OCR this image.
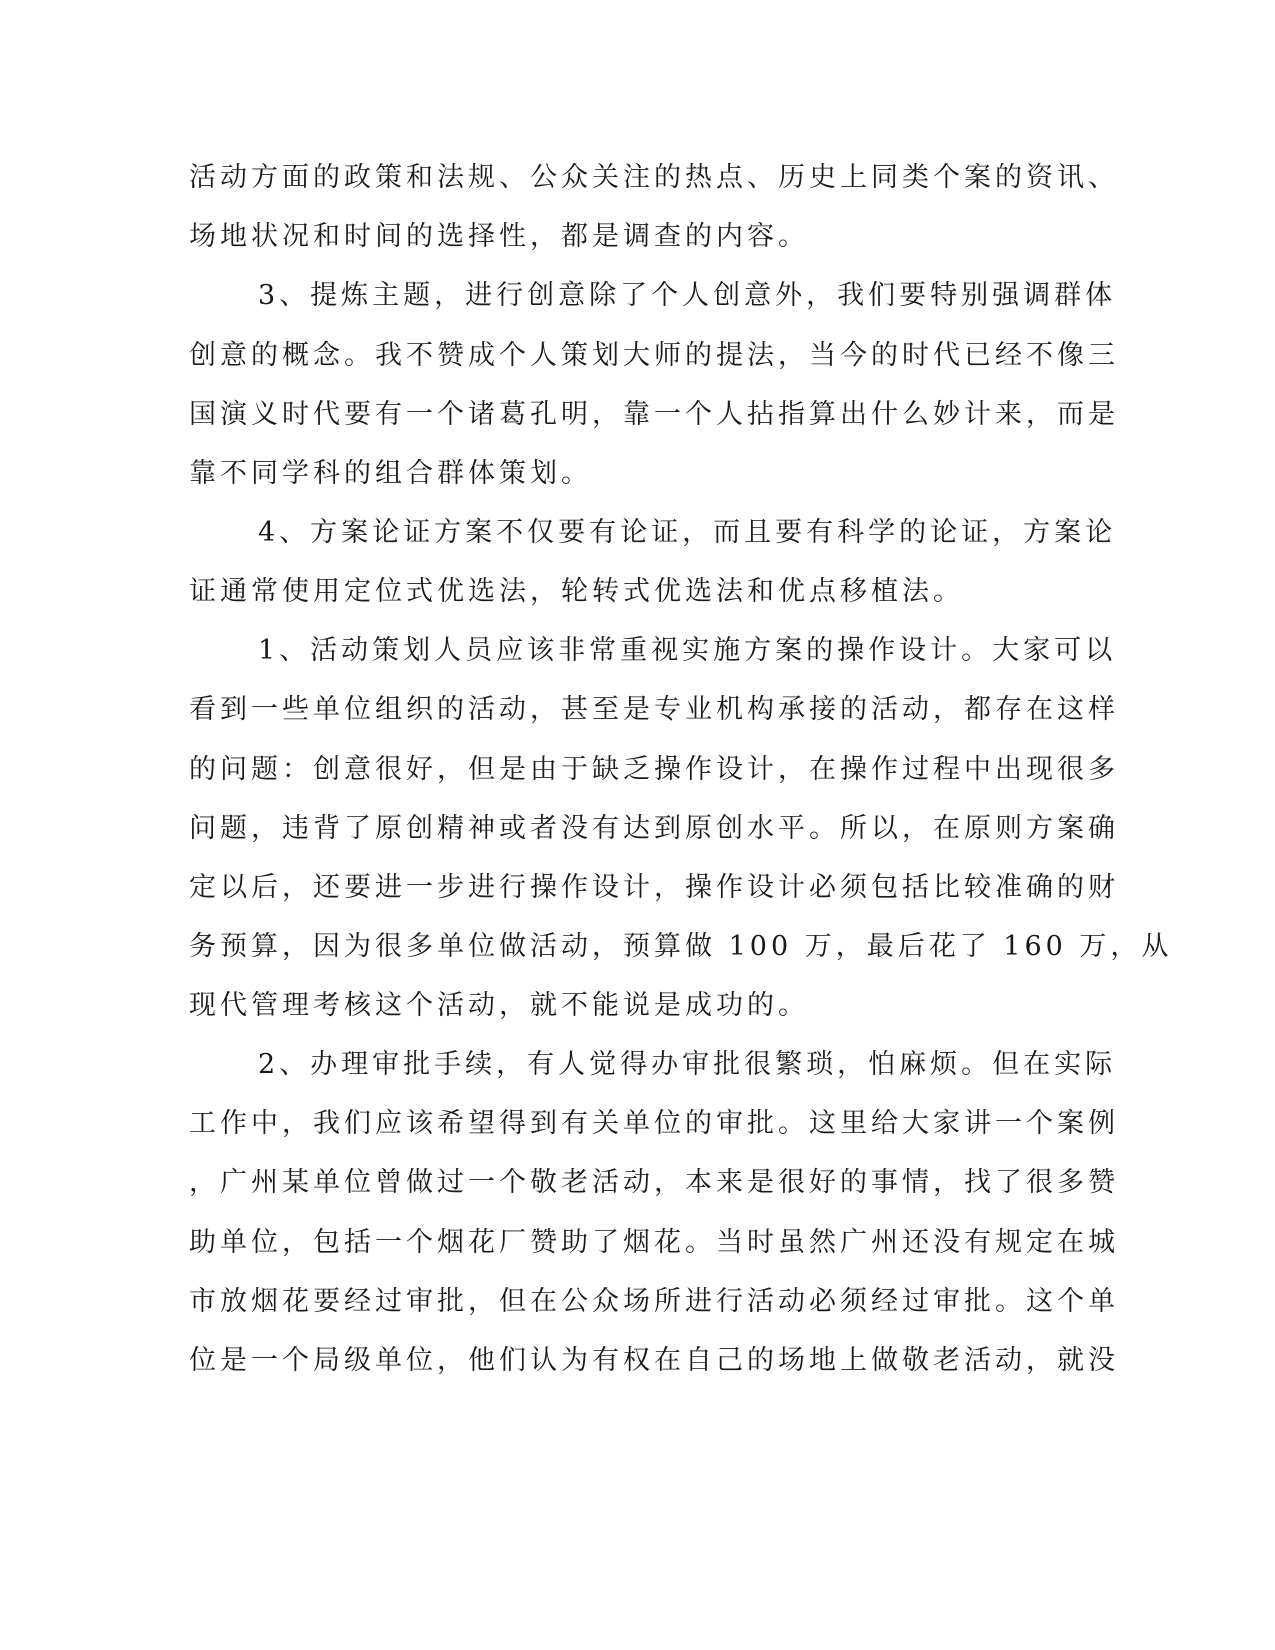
活动方面的政策和法规、公众关注的热点、历史上同类个案的资讯、
场地状况和时间的选择性，都是调查的内容。
3、提炼主题，进行创意除了个人创意外，我们要特别强调群体
创意的概念。我不赞成个人策划大师的提法，当今的时代已经不像三
国演义时代要有一个诸葛孔明，靠一个人拈指算出什么妙计来，而是
靠不同学科的组合群体策划。
4、方案论证方案不仅要有论证，而且要有科学的论证，方案论
证通常使用定位式优选法，轮转式优选法和优点移植法。
1、活动策划人员应该非常重视实施方案的操作设计。大家可以
看到一些单位组织的活动，甚至是专业机构承接的活动，都存在这样
的问题：创意很好，但是由于缺乏操作设计，在操作过程中出现很多
问题，违背了原创精神或者没有达到原创水平。所以，在原则方案确
定以后，还要进一步进行操作设计，操作设计必须包括比较准确的财
务预算，因为很多单位做活动，预算做 100 万，最后花了 160 万，从
现代管理考核这个活动，就不能说是成功的。
2、办理审批手续，有人觉得办审批很繁琐，怕麻烦。但在实际
工作中，我们应该希望得到有关单位的审批。这里给大家讲一个案例
，广州某单位曾做过一个敬老活动，本来是很好的事情，找了很多赞
助单位，包括一个烟花厂赞助了烟花。当时虽然广州还没有规定在城
市放烟花要经过审批，但在公众场所进行活动必须经过审批。这个单
位是一个局级单位，他们认为有权在自己的场地上做敬老活动，就没
